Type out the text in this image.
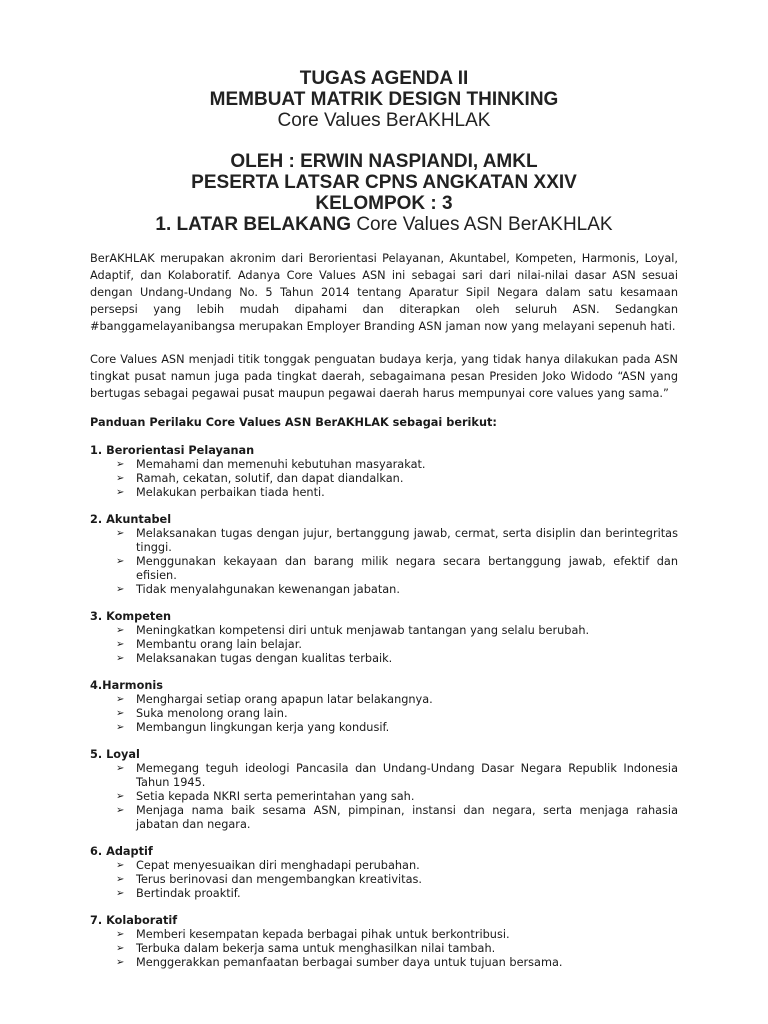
TUGAS AGENDA II
MEMBUAT MATRIK DESIGN THINKING
Core Values BerAKHLAK
OLEH : ERWIN NASPIANDI, AMKL
PESERTA LATSAR CPNS ANGKATAN XXIV
KELOMPOK : 3
1. LATAR BELAKANG Core Values ASN BerAKHLAK

BerAKHLAK merupakan akronim dari Berorientasi Pelayanan, Akuntabel, Kompeten, Harmonis, Loyal, Adaptif, dan Kolaboratif. Adanya Core Values ASN ini sebagai sari dari nilai-nilai dasar ASN sesuai dengan Undang-Undang No. 5 Tahun 2014 tentang Aparatur Sipil Negara dalam satu kesamaan persepsi yang lebih mudah dipahami dan diterapkan oleh seluruh ASN. Sedangkan #banggamelayanibangsa merupakan Employer Branding ASN jaman now yang melayani sepenuh hati.

Core Values ASN menjadi titik tonggak penguatan budaya kerja, yang tidak hanya dilakukan pada ASN tingkat pusat namun juga pada tingkat daerah, sebagaimana pesan Presiden Joko Widodo “ASN yang bertugas sebagai pegawai pusat maupun pegawai daerah harus mempunyai core values yang sama.”

Panduan Perilaku Core Values ASN BerAKHLAK sebagai berikut:

1. Berorientasi Pelayanan
➢ Memahami dan memenuhi kebutuhan masyarakat.
➢ Ramah, cekatan, solutif, dan dapat diandalkan.
➢ Melakukan perbaikan tiada henti.
2. Akuntabel
➢ Melaksanakan tugas dengan jujur, bertanggung jawab, cermat, serta disiplin dan berintegritas tinggi.
➢ Menggunakan kekayaan dan barang milik negara secara bertanggung jawab, efektif dan efisien.
➢ Tidak menyalahgunakan kewenangan jabatan.
3. Kompeten
➢ Meningkatkan kompetensi diri untuk menjawab tantangan yang selalu berubah.
➢ Membantu orang lain belajar.
➢ Melaksanakan tugas dengan kualitas terbaik.
4.Harmonis
➢ Menghargai setiap orang apapun latar belakangnya.
➢ Suka menolong orang lain.
➢ Membangun lingkungan kerja yang kondusif.
5. Loyal
➢ Memegang teguh ideologi Pancasila dan Undang-Undang Dasar Negara Republik Indonesia Tahun 1945.
➢ Setia kepada NKRI serta pemerintahan yang sah.
➢ Menjaga nama baik sesama ASN, pimpinan, instansi dan negara, serta menjaga rahasia jabatan dan negara.
6. Adaptif
➢ Cepat menyesuaikan diri menghadapi perubahan.
➢ Terus berinovasi dan mengembangkan kreativitas.
➢ Bertindak proaktif.
7. Kolaboratif
➢ Memberi kesempatan kepada berbagai pihak untuk berkontribusi.
➢ Terbuka dalam bekerja sama untuk menghasilkan nilai tambah.
➢ Menggerakkan pemanfaatan berbagai sumber daya untuk tujuan bersama.
